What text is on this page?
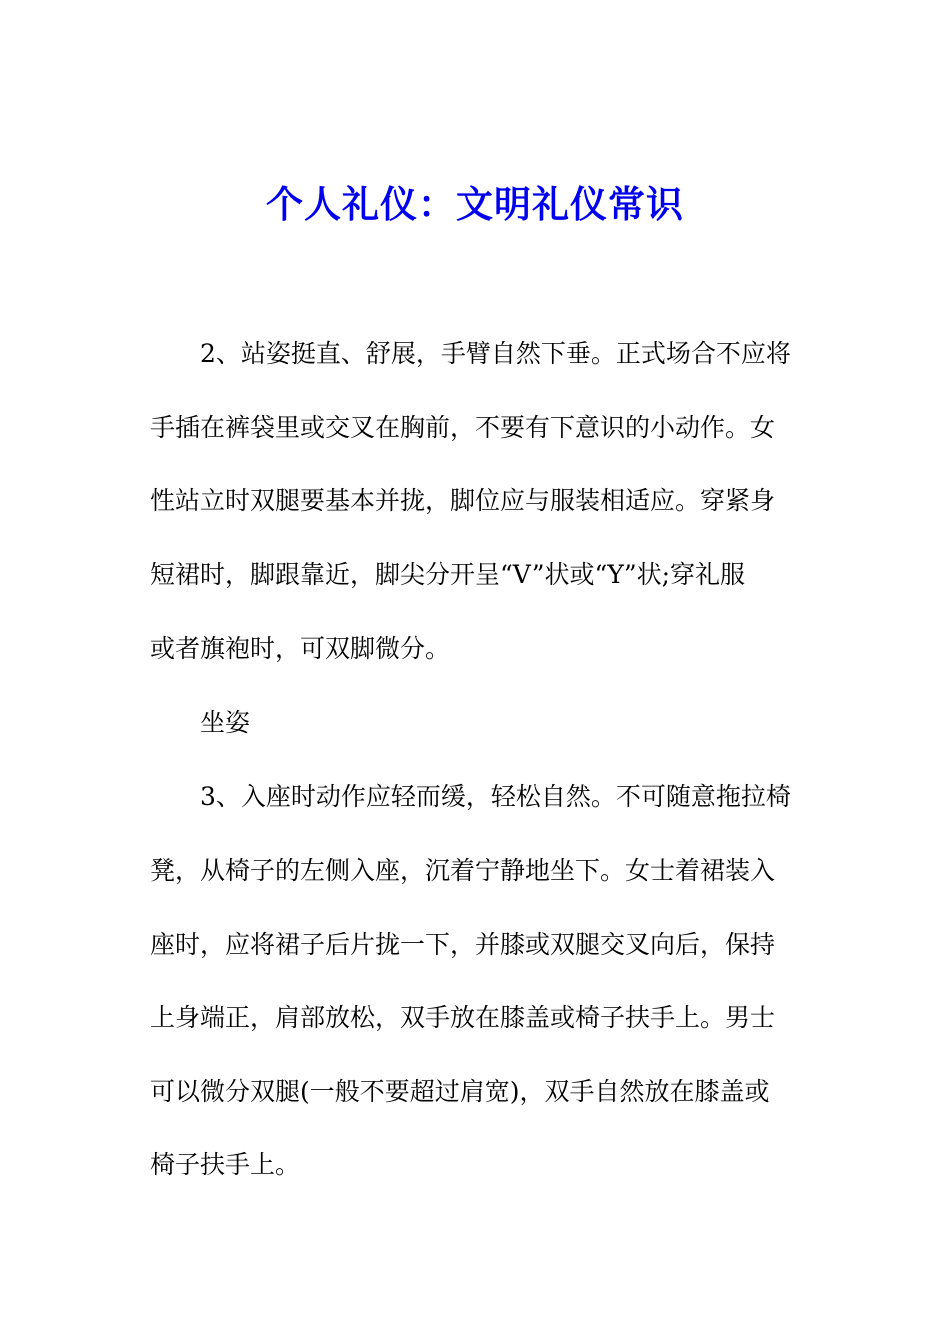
个人礼仪：文明礼仪常识
2、站姿挺直、舒展，手臂自然下垂。正式场合不应将
手插在裤袋里或交叉在胸前，不要有下意识的小动作。女
性站立时双腿要基本并拢，脚位应与服装相适应。穿紧身
短裙时，脚跟靠近，脚尖分开呈“V”状或“Y”状;穿礼服
或者旗袍时，可双脚微分。
坐姿
3、入座时动作应轻而缓，轻松自然。不可随意拖拉椅
凳，从椅子的左侧入座，沉着宁静地坐下。女士着裙装入
座时，应将裙子后片拢一下，并膝或双腿交叉向后，保持
上身端正，肩部放松，双手放在膝盖或椅子扶手上。男士
可以微分双腿(一般不要超过肩宽)，双手自然放在膝盖或
椅子扶手上。
